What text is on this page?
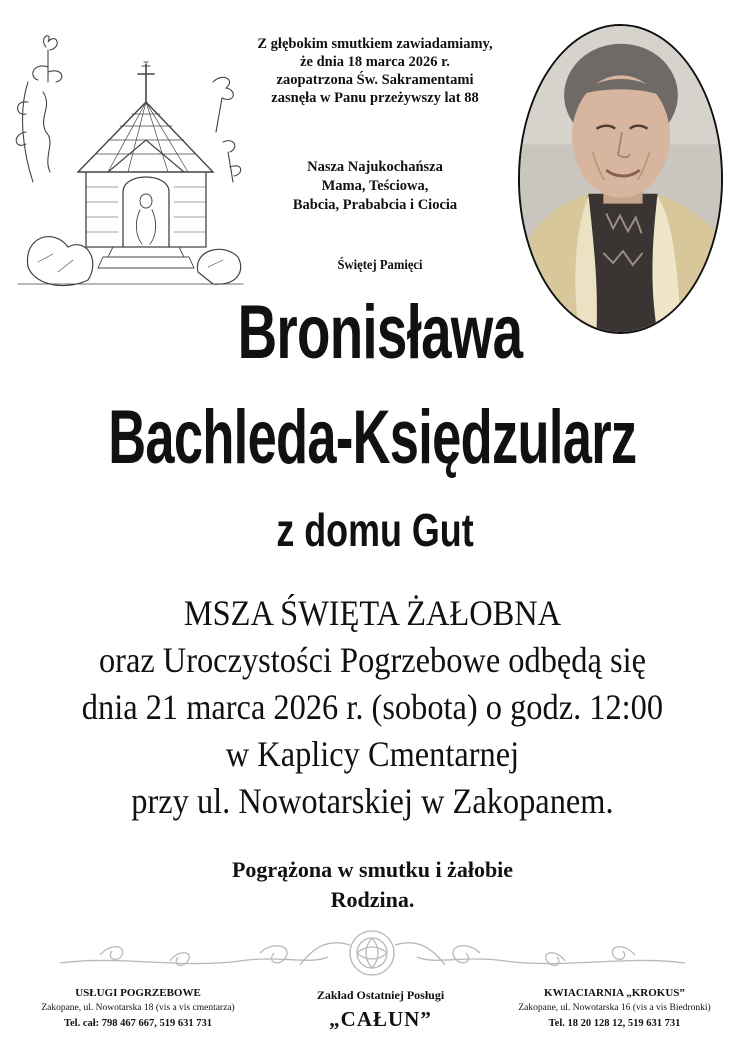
Z głębokim smutkiem zawiadamiamy,
że dnia 18 marca 2026 r.
zaopatrzona Św. Sakramentami
zasnęła w Panu przeżywszy lat 88
Nasza Najukochańsza
Mama, Teściowa,
Babcia, Prababcia i Ciocia
Świętej Pamięci
Bronisława
Bachleda-Księdzularz
z domu Gut
MSZA ŚWIĘTA ŻAŁOBNA
oraz Uroczystości Pogrzebowe odbędą się
dnia 21 marca 2026 r. (sobota) o godz. 12:00
w Kaplicy Cmentarnej
przy ul. Nowotarskiej w Zakopanem.
Pogrążona w smutku i żałobie
Rodzina.
USŁUGI POGRZEBOWE
Zakopane, ul. Nowotarska 18 (vis a vis cmentarza)
Tel. cał: 798 467 667, 519 631 731
Zakład Ostatniej Posługi
„CAŁUN”
KWIACIARNIA „KROKUS”
Zakopane, ul. Nowotarska 16 (vis a vis Biedronki)
Tel. 18 20 128 12, 519 631 731
